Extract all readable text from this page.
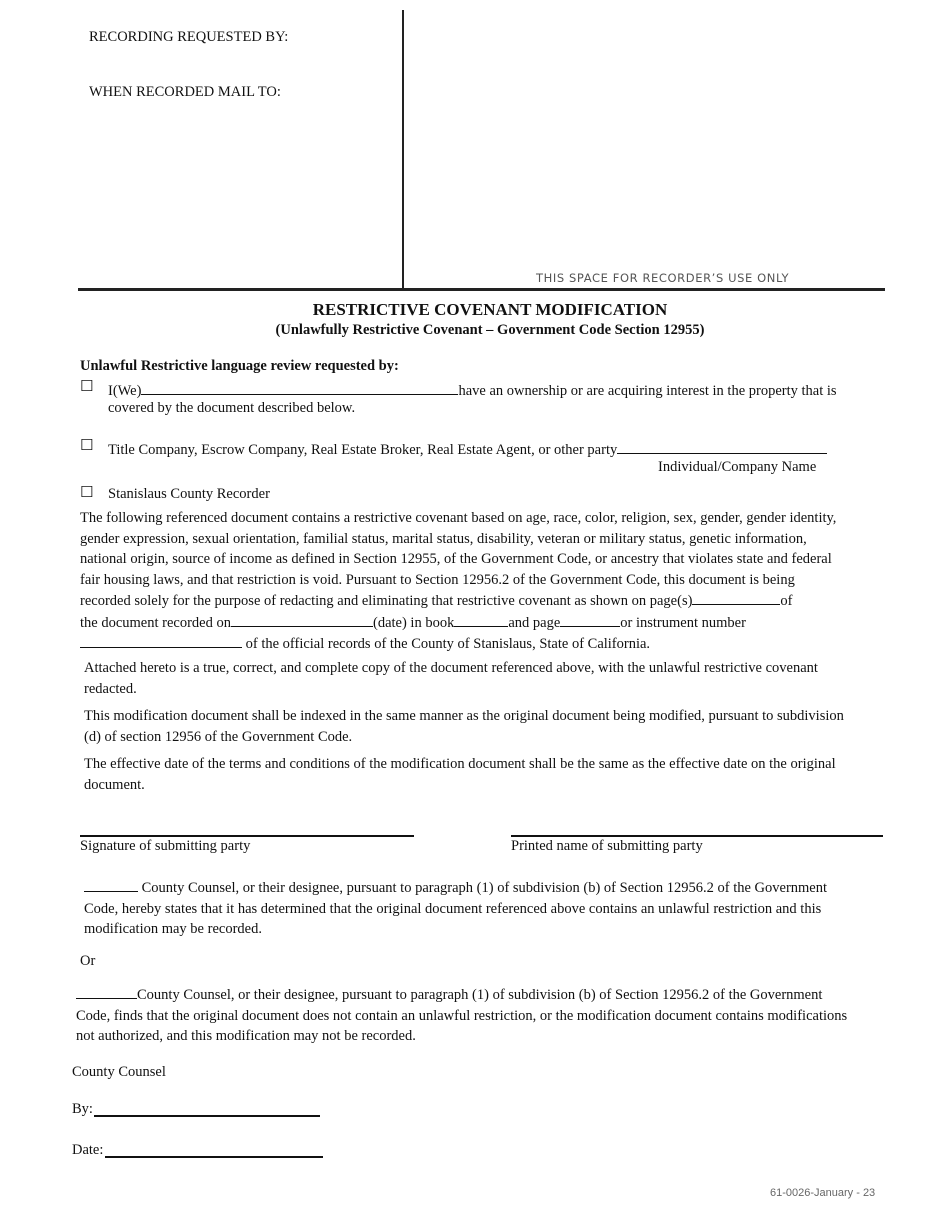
RECORDING REQUESTED BY:
WHEN RECORDED MAIL TO:
THIS SPACE FOR RECORDER’S USE ONLY
RESTRICTIVE COVENANT MODIFICATION
(Unlawfully Restrictive Covenant – Government Code Section 12955)
Unlawful Restrictive language review requested by:
☐ I(We)	have an ownership or are acquiring interest in the property that is
covered by the document described below.
☐ Title Company, Escrow Company, Real Estate Broker, Real Estate Agent, or other party
Individual/Company Name
☐ Stanislaus County Recorder
The following referenced document contains a restrictive covenant based on age, race, color, religion, sex, gender, gender identity,
gender expression, sexual orientation, familial status, marital status, disability, veteran or military status, genetic information,
national origin, source of income as defined in Section 12955, of the Government Code, or ancestry that violates state and federal
fair housing laws, and that restriction is void. Pursuant to Section 12956.2 of the Government Code, this document is being
recorded solely for the purpose of redacting and eliminating that restrictive covenant as shown on page(s)	of
the document recorded on	(date) in book	and page	or instrument number
of the official records of the County of Stanislaus, State of California.
Attached hereto is a true, correct, and complete copy of the document referenced above, with the unlawful restrictive covenant
redacted.
This modification document shall be indexed in the same manner as the original document being modified, pursuant to subdivision
(d) of section 12956 of the Government Code.
The effective date of the terms and conditions of the modification document shall be the same as the effective date on the original
document.
Signature of submitting party	Printed name of submitting party
County Counsel, or their designee, pursuant to paragraph (1) of subdivision (b) of Section 12956.2 of the Government
Code, hereby states that it has determined that the original document referenced above contains an unlawful restriction and this
modification may be recorded.
Or
County Counsel, or their designee, pursuant to paragraph (1) of subdivision (b) of Section 12956.2 of the Government
Code, finds that the original document does not contain an unlawful restriction, or the modification document contains modifications
not authorized, and this modification may not be recorded.
County Counsel
By:
Date:
61-0026-January - 23
